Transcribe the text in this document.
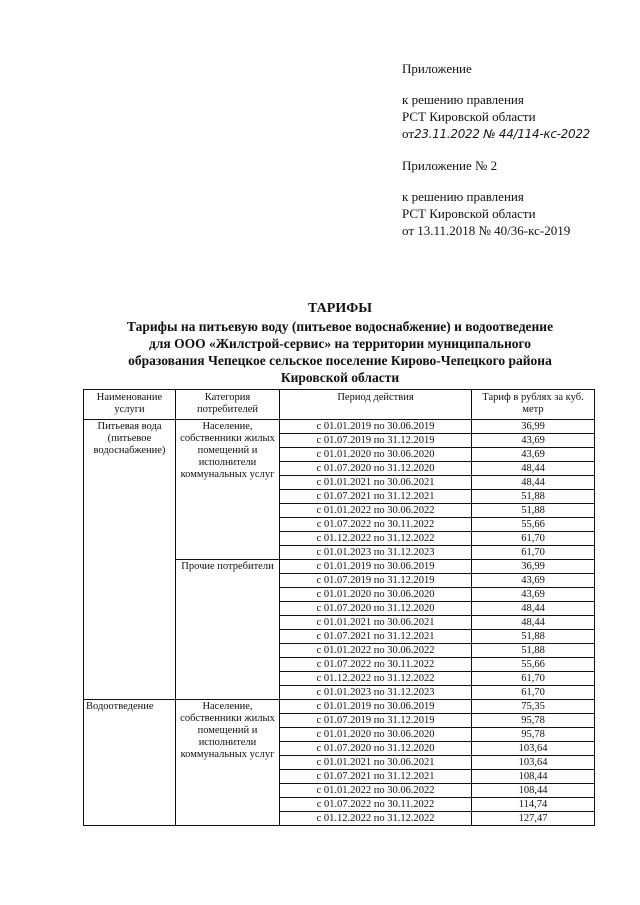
Приложение
к решению правления
РСТ Кировской области
от23.11.2022 № 44/114-кс-2022
Приложение № 2
к решению правления
РСТ Кировской области
от 13.11.2018 № 40/36-кс-2019
ТАРИФЫ
Тарифы на питьевую воду (питьевое водоснабжение) и водоотведение
для ООО «Жилстрой-сервис» на территории муниципального
образования Чепецкое сельское поселение Кирово-Чепецкого района
Кировской области
Наименование услуги	Категория потребителей	Период действия	Тариф в рублях за куб. метр
Питьевая вода (питьевое водоснабжение)	Население, собственники жилых помещений и исполнители коммунальных услуг	с 01.01.2019 по 30.06.2019	36,99
		с 01.07.2019 по 31.12.2019	43,69
		с 01.01.2020 по 30.06.2020	43,69
		с 01.07.2020 по 31.12.2020	48,44
		с 01.01.2021 по 30.06.2021	48,44
		с 01.07.2021 по 31.12.2021	51,88
		с 01.01.2022 по 30.06.2022	51,88
		с 01.07.2022 по 30.11.2022	55,66
		с 01.12.2022 по 31.12.2022	61,70
		с 01.01.2023 по 31.12.2023	61,70
	Прочие потребители	с 01.01.2019 по 30.06.2019	36,99
		с 01.07.2019 по 31.12.2019	43,69
		с 01.01.2020 по 30.06.2020	43,69
		с 01.07.2020 по 31.12.2020	48,44
		с 01.01.2021 по 30.06.2021	48,44
		с 01.07.2021 по 31.12.2021	51,88
		с 01.01.2022 по 30.06.2022	51,88
		с 01.07.2022 по 30.11.2022	55,66
		с 01.12.2022 по 31.12.2022	61,70
		с 01.01.2023 по 31.12.2023	61,70
Водоотведение	Население, собственники жилых помещений и исполнители коммунальных услуг	с 01.01.2019 по 30.06.2019	75,35
		с 01.07.2019 по 31.12.2019	95,78
		с 01.01.2020 по 30.06.2020	95,78
		с 01.07.2020 по 31.12.2020	103,64
		с 01.01.2021 по 30.06.2021	103,64
		с 01.07.2021 по 31.12.2021	108,44
		с 01.01.2022 по 30.06.2022	108,44
		с 01.07.2022 по 30.11.2022	114,74
		с 01.12.2022 по 31.12.2022	127,47
